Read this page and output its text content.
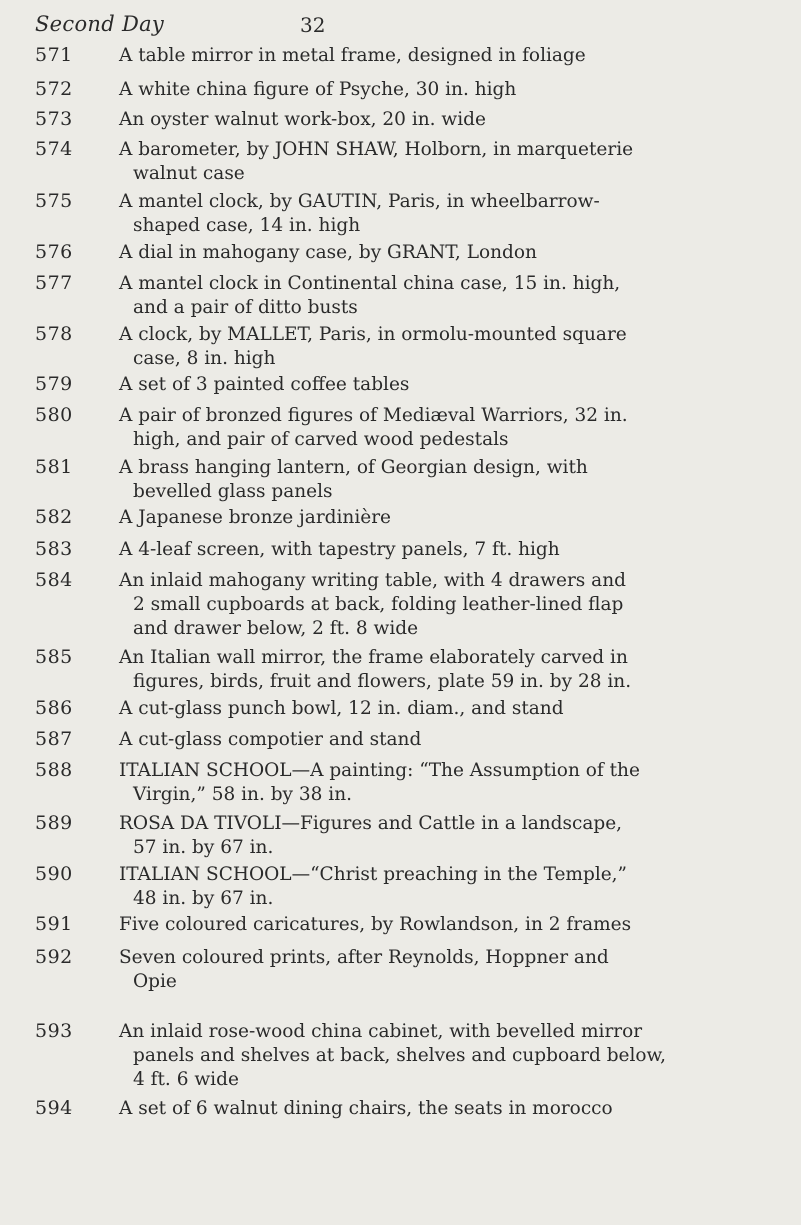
Second Day	32
571 A table mirror in metal frame, designed in foliage
572 A white china figure of Psyche, 30 in. high
573 An oyster walnut work-box, 20 in. wide
574 A barometer, by JOHN SHAW, Holborn, in marqueterie
walnut case
575 A mantel clock, by GAUTIN, Paris, in wheelbarrow-
shaped case, 14 in. high
576 A dial in mahogany case, by GRANT, London
577 A mantel clock in Continental china case, 15 in. high,
and a pair of ditto busts
578 A clock, by MALLET, Paris, in ormolu-mounted square
case, 8 in. high
579 A set of 3 painted coffee tables
580 A pair of bronzed figures of Mediæval Warriors, 32 in.
high, and pair of carved wood pedestals
581 A brass hanging lantern, of Georgian design, with
bevelled glass panels
582 A Japanese bronze jardinière
583 A 4-leaf screen, with tapestry panels, 7 ft. high
584 An inlaid mahogany writing table, with 4 drawers and
2 small cupboards at back, folding leather-lined flap
and drawer below, 2 ft. 8 wide
585 An Italian wall mirror, the frame elaborately carved in
figures, birds, fruit and flowers, plate 59 in. by 28 in.
586 A cut-glass punch bowl, 12 in. diam., and stand
587 A cut-glass compotier and stand
588 ITALIAN SCHOOL—A painting: “The Assumption of the
Virgin,” 58 in. by 38 in.
589 ROSA DA TIVOLI—Figures and Cattle in a landscape,
57 in. by 67 in.
590 ITALIAN SCHOOL—“Christ preaching in the Temple,”
48 in. by 67 in.
591 Five coloured caricatures, by Rowlandson, in 2 frames
592 Seven coloured prints, after Reynolds, Hoppner and
Opie
593 An inlaid rose-wood china cabinet, with bevelled mirror
panels and shelves at back, shelves and cupboard below,
4 ft. 6 wide
594 A set of 6 walnut dining chairs, the seats in morocco
